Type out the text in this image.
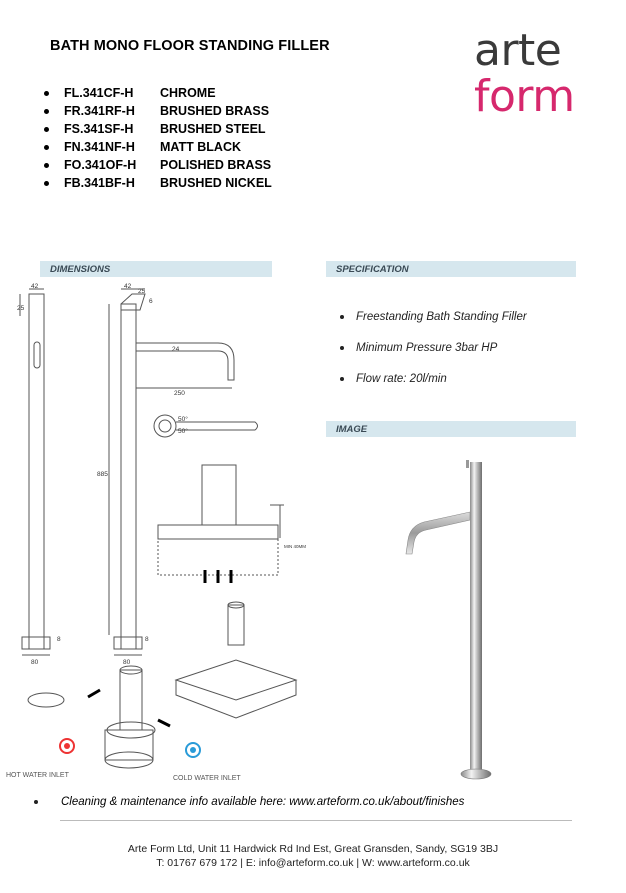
BATH MONO FLOOR STANDING FILLER	arte
form
FL.341CF-H	CHROME
FR.341RF-H	BRUSHED BRASS
FS.341SF-H	BRUSHED STEEL
FN.341NF-H	MATT BLACK
FO.341OF-H	POLISHED BRASS
FB.341BF-H	BRUSHED NICKEL
DIMENSIONS	SPECIFICATION
IMAGE
Freestanding Bath Standing Filler
Minimum Pressure 3bar HP
Flow rate: 20l/min
42
25
42
25
6
24
250
885
8	8
80	80
50°
50°
MIN 40MM
HOT WATER INLET	COLD WATER INLET
Cleaning & maintenance info available here: www.arteform.co.uk/about/finishes
Arte Form Ltd, Unit 11 Hardwick Rd Ind Est, Great Gransden, Sandy, SG19 3BJ
T: 01767 679 172 | E: info@arteform.co.uk | W: www.arteform.co.uk
